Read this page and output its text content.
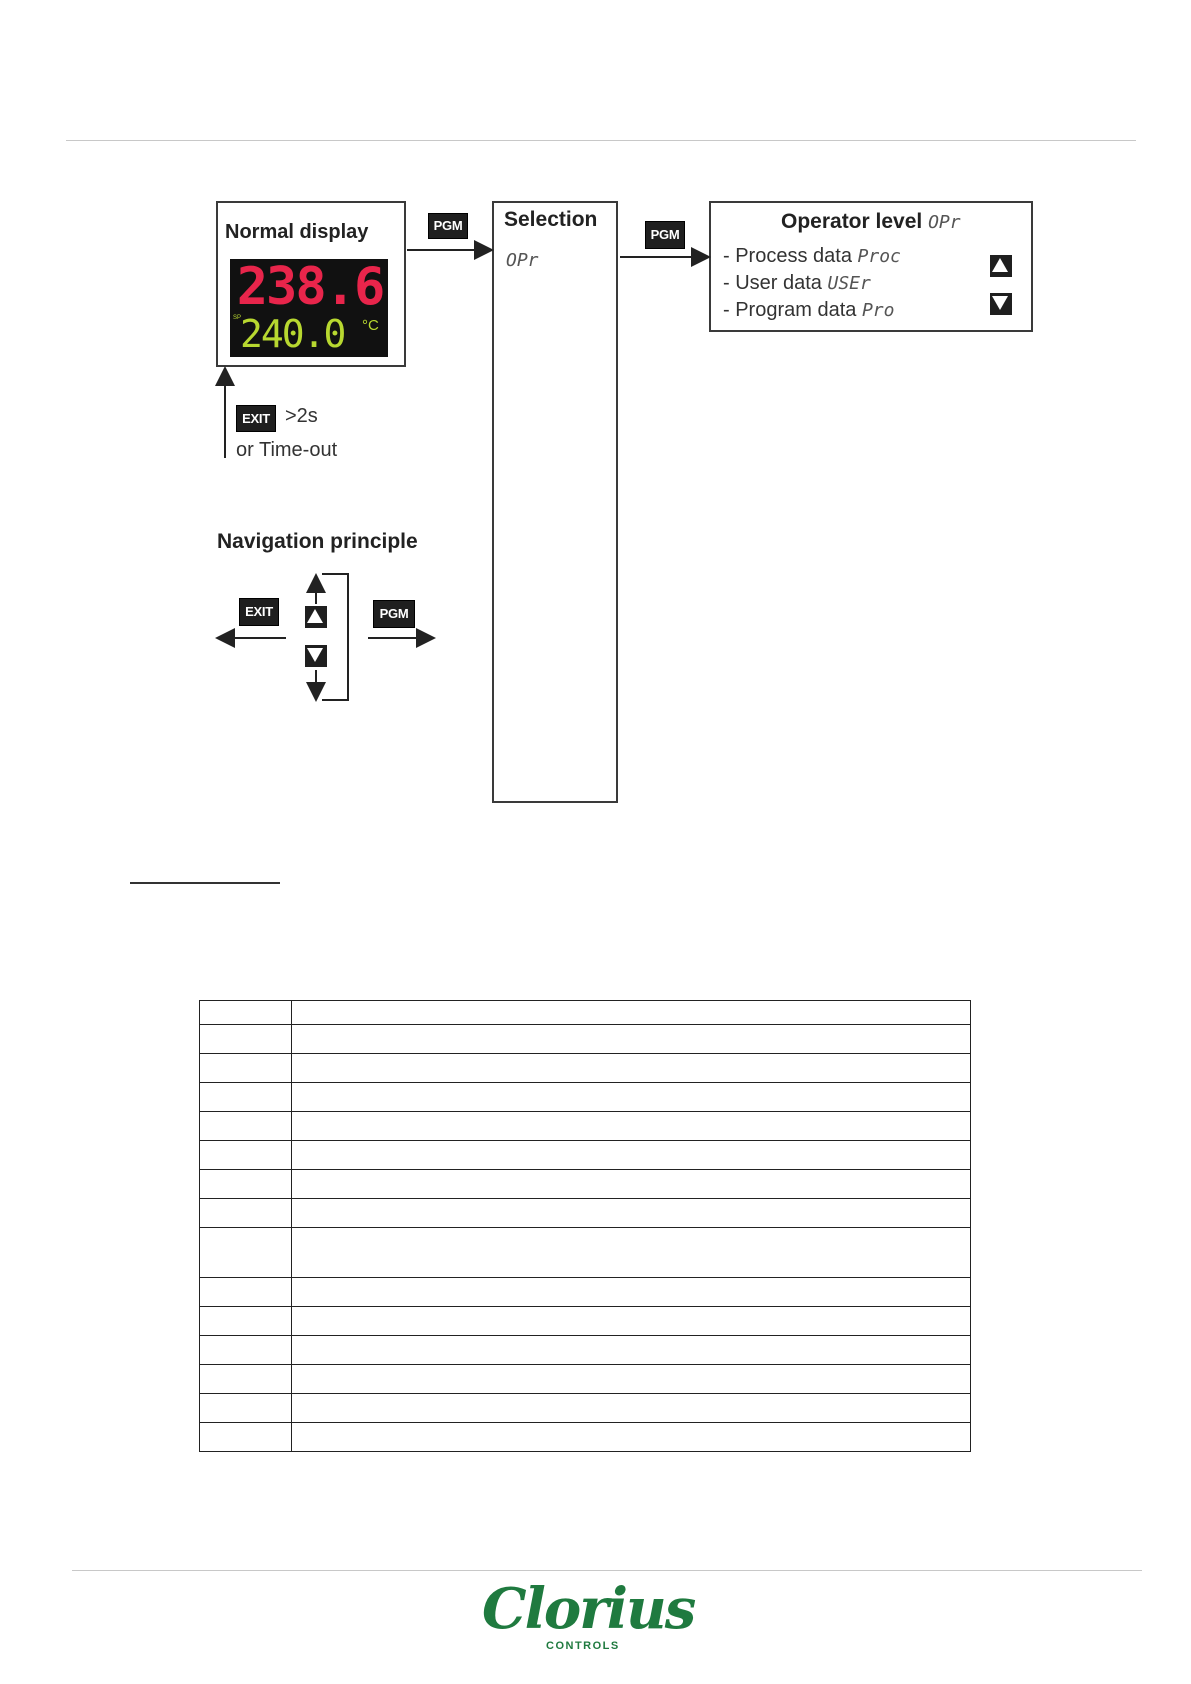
Normal display
238.6
SP
240.0 °C
PGM Selection
OPr
PGM
Operator level OPr
- Process data Proc
- User data USEr
- Program data Pro
EXIT >2s
or Time-out
Navigation principle
EXIT	PGM

Clorius
CONTROLS
